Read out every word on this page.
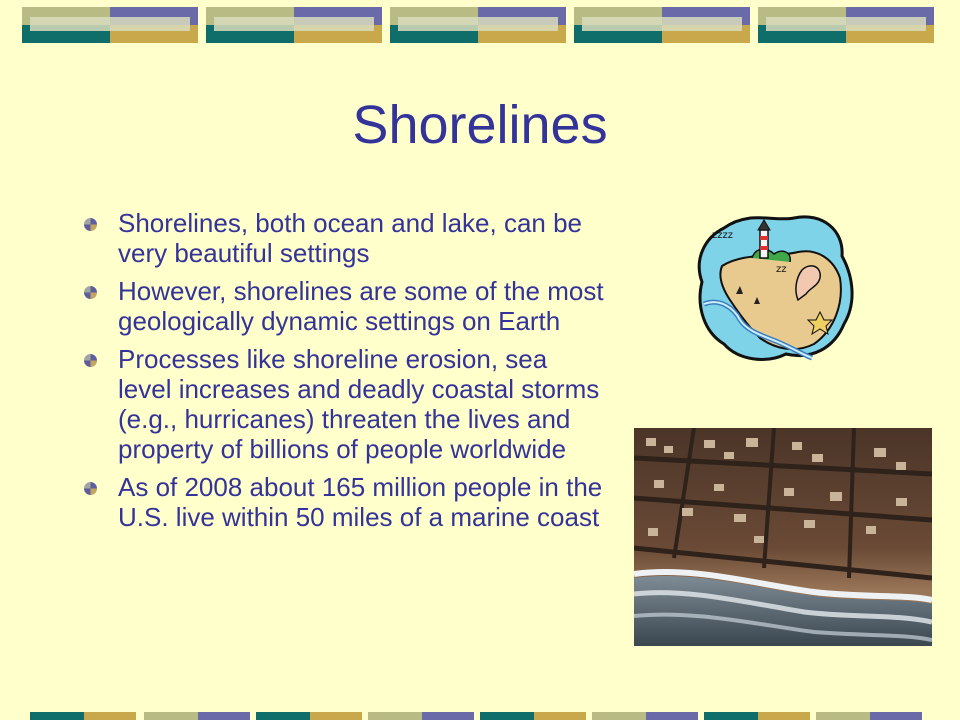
Shorelines
Shorelines, both ocean and lake, can be very beautiful settings
However, shorelines are some of the most geologically dynamic settings on Earth
Processes like shoreline erosion, sea level increases and deadly coastal storms (e.g., hurricanes) threaten the lives and property of billions of people worldwide
As of 2008 about 165 million people in the U.S. live within 50 miles of a marine coast
zzzz
zz
